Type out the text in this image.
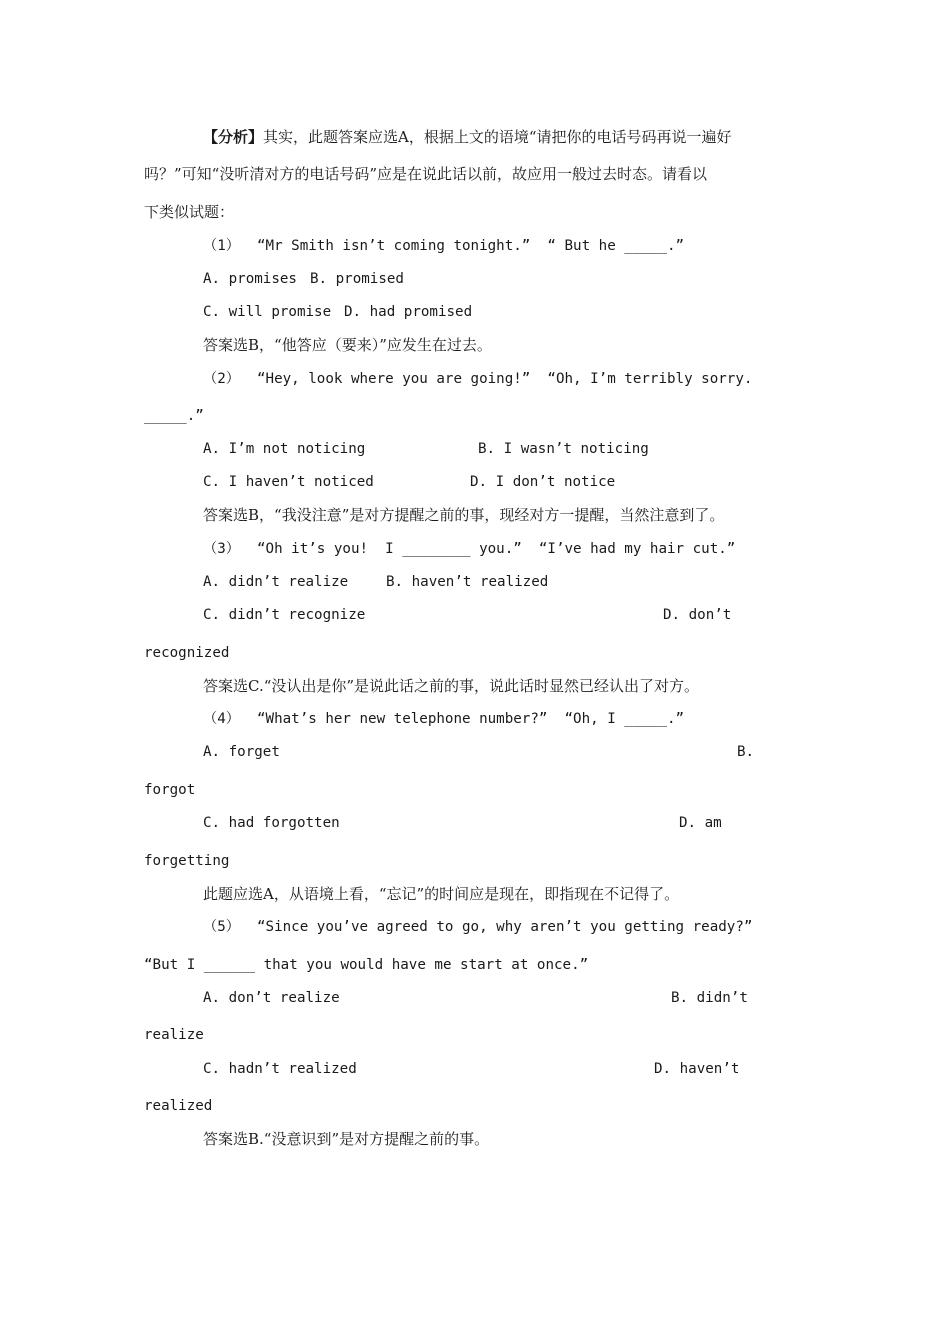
【分析】其实，此题答案应选A，根据上文的语境“请把你的电话号码再说一遍好
吗？”可知“没听清对方的电话号码”应是在说此话以前，故应用一般过去时态。请看以
下类似试题：
（1）  “Mr Smith isn’t coming tonight.”  “ But he _____.”
A. promises B. promised
C. will promise D. had promised
答案选B，“他答应（要来）”应发生在过去。
（2）  “Hey, look where you are going!”  “Oh, I’m terribly sorry.
_____.”
A. I’m not noticing	B. I wasn’t noticing
C. I haven’t noticed	D. I don’t notice
答案选B，“我没注意”是对方提醒之前的事，现经对方一提醒，当然注意到了。
（3）  “Oh it’s you!  I ________ you.”  “I’ve had my hair cut.”
A. didn’t realize	B. haven’t realized
C. didn’t recognize	D. don’t
recognized
答案选C.“没认出是你”是说此话之前的事，说此话时显然已经认出了对方。
（4）  “What’s her new telephone number?”  “Oh, I _____.”
A. forget	B.
forgot
C. had forgotten	D. am
forgetting
此题应选A，从语境上看，“忘记”的时间应是现在，即指现在不记得了。
（5）  “Since you’ve agreed to go, why aren’t you getting ready?”
“But I ______ that you would have me start at once.”
A. don’t realize	B. didn’t
realize
C. hadn’t realized	D. haven’t
realized
答案选B.“没意识到”是对方提醒之前的事。
